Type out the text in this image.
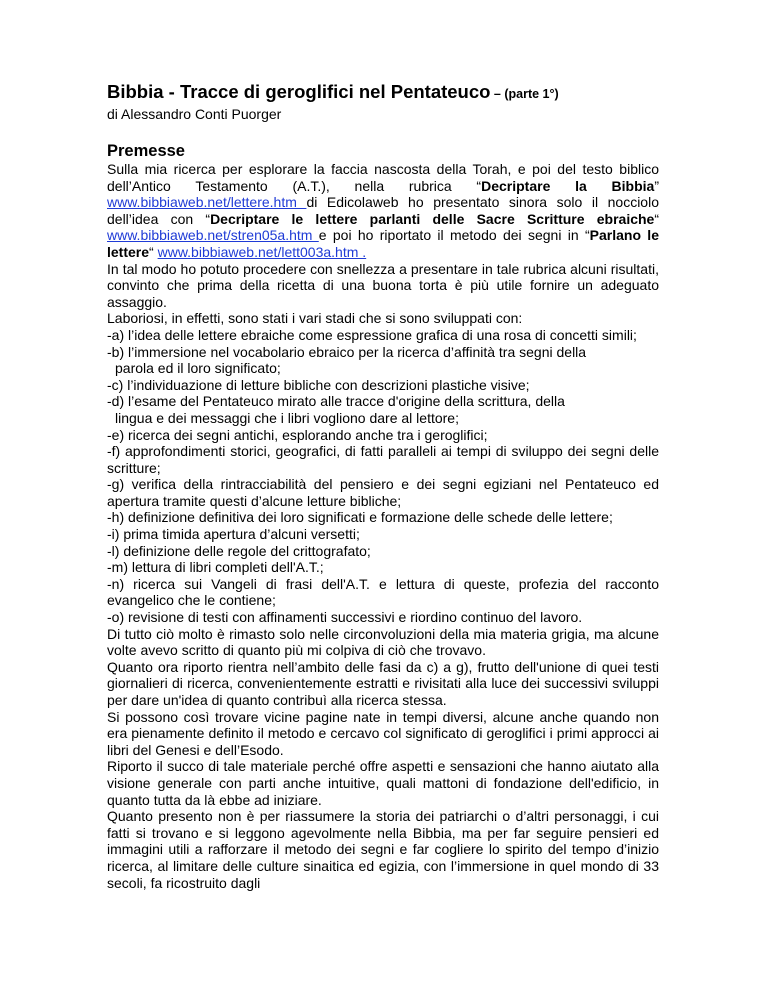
Bibbia - Tracce di geroglifici nel Pentateuco – (parte 1°)

di Alessandro Conti Puorger

Premesse

Sulla mia ricerca per esplorare la faccia nascosta della Torah, e poi del testo biblico dell’Antico Testamento (A.T.), nella rubrica “Decriptare la Bibbia” www.bibbiaweb.net/lettere.htm di Edicolaweb ho presentato sinora solo il nocciolo dell’idea con “Decriptare le lettere parlanti delle Sacre Scritture ebraiche“ www.bibbiaweb.net/stren05a.htm e poi ho riportato il metodo dei segni in “Parlano le lettere“ www.bibbiaweb.net/lett003a.htm .

In tal modo ho potuto procedere con snellezza a presentare in tale rubrica alcuni risultati, convinto che prima della ricetta di una buona torta è più utile fornire un adeguato assaggio.

Laboriosi, in effetti, sono stati i vari stadi che si sono sviluppati con:

-a) l’idea delle lettere ebraiche come espressione grafica di una rosa di concetti simili;

-b) l’immersione nel vocabolario ebraico per la ricerca d’affinità tra segni della
parola ed il loro significato;

-c) l’individuazione di letture bibliche con descrizioni plastiche visive;

-d) l’esame del Pentateuco mirato alle tracce d'origine della scrittura, della
lingua e dei messaggi che i libri vogliono dare al lettore;

-e) ricerca dei segni antichi, esplorando anche tra i geroglifici;

-f) approfondimenti storici, geografici, di fatti paralleli ai tempi di sviluppo dei segni delle scritture;

-g) verifica della rintracciabilità del pensiero e dei segni egiziani nel Pentateuco ed apertura tramite questi d’alcune letture bibliche;

-h) definizione definitiva dei loro significati e formazione delle schede delle lettere;

-i) prima timida apertura d’alcuni versetti;

-l) definizione delle regole del crittografato;

-m) lettura di libri completi dell'A.T.;

-n) ricerca sui Vangeli di frasi dell'A.T. e lettura di queste, profezia del racconto evangelico che le contiene;

-o) revisione di testi con affinamenti successivi e riordino continuo del lavoro.

Di tutto ciò molto è rimasto solo nelle circonvoluzioni della mia materia grigia, ma alcune volte avevo scritto di quanto più mi colpiva di ciò che trovavo.

Quanto ora riporto rientra nell’ambito delle fasi da c) a g), frutto dell'unione di quei testi giornalieri di ricerca, convenientemente estratti e rivisitati alla luce dei successivi sviluppi per dare un'idea di quanto contribuì alla ricerca stessa.

Si possono così trovare vicine pagine nate in tempi diversi, alcune anche quando non era pienamente definito il metodo e cercavo col significato di geroglifici i primi approcci ai libri del Genesi e dell’Esodo.

Riporto il succo di tale materiale perché offre aspetti e sensazioni che hanno aiutato alla visione generale con parti anche intuitive, quali mattoni di fondazione dell'edificio, in quanto tutta da là ebbe ad iniziare.

Quanto presento non è per riassumere la storia dei patriarchi o d’altri personaggi, i cui fatti si trovano e si leggono agevolmente nella Bibbia, ma per far seguire pensieri ed immagini utili a rafforzare il metodo dei segni e far cogliere lo spirito del tempo d’inizio ricerca, al limitare delle culture sinaitica ed egizia, con l’immersione in quel mondo di 33 secoli, fa ricostruito dagli
